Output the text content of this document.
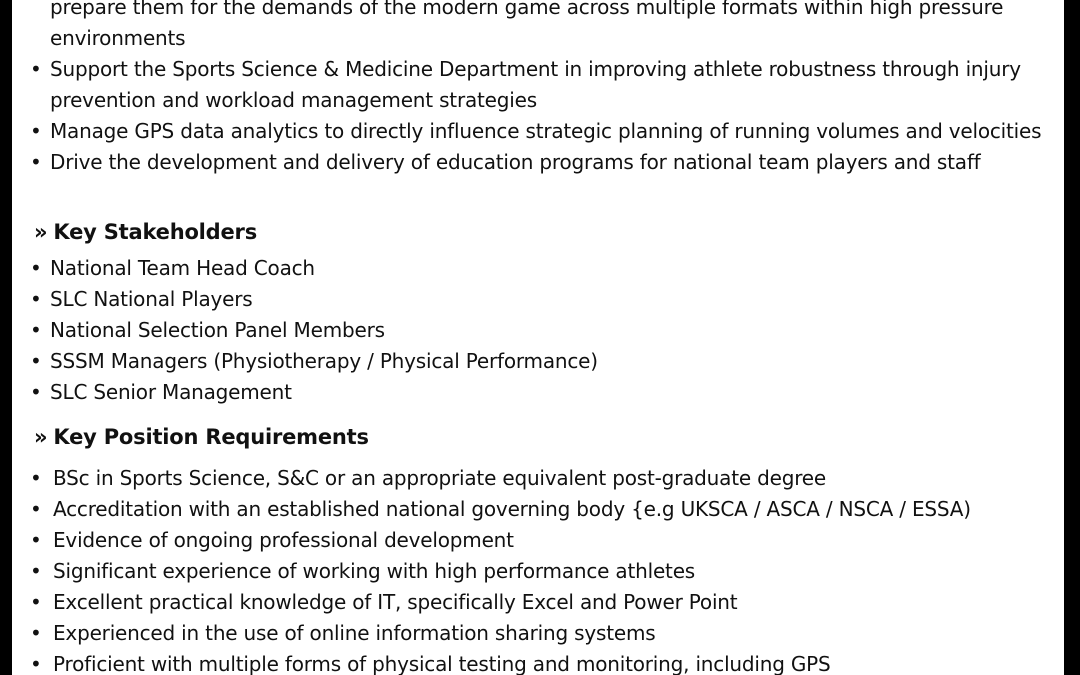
prepare them for the demands of the modern game across multiple formats within high pressure environments
•
Support the Sports Science & Medicine Department in improving athlete robustness through injury prevention and workload management strategies
•
Manage GPS data analytics to directly influence strategic planning of running volumes and velocities
•
Drive the development and delivery of education programs for national team players and staff
» Key Stakeholders
•
National Team Head Coach
•
SLC National Players
•
National Selection Panel Members
•
SSSM Managers (Physiotherapy / Physical Performance)
•
SLC Senior Management
» Key Position Requirements
•
BSc in Sports Science, S&C or an appropriate equivalent post-graduate degree
•
Accreditation with an established national governing body {e.g UKSCA / ASCA / NSCA / ESSA)
•
Evidence of ongoing professional development
•
Significant experience of working with high performance athletes
•
Excellent practical knowledge of IT, specifically Excel and Power Point
•
Experienced in the use of online information sharing systems
•
Proficient with multiple forms of physical testing and monitoring, including GPS
